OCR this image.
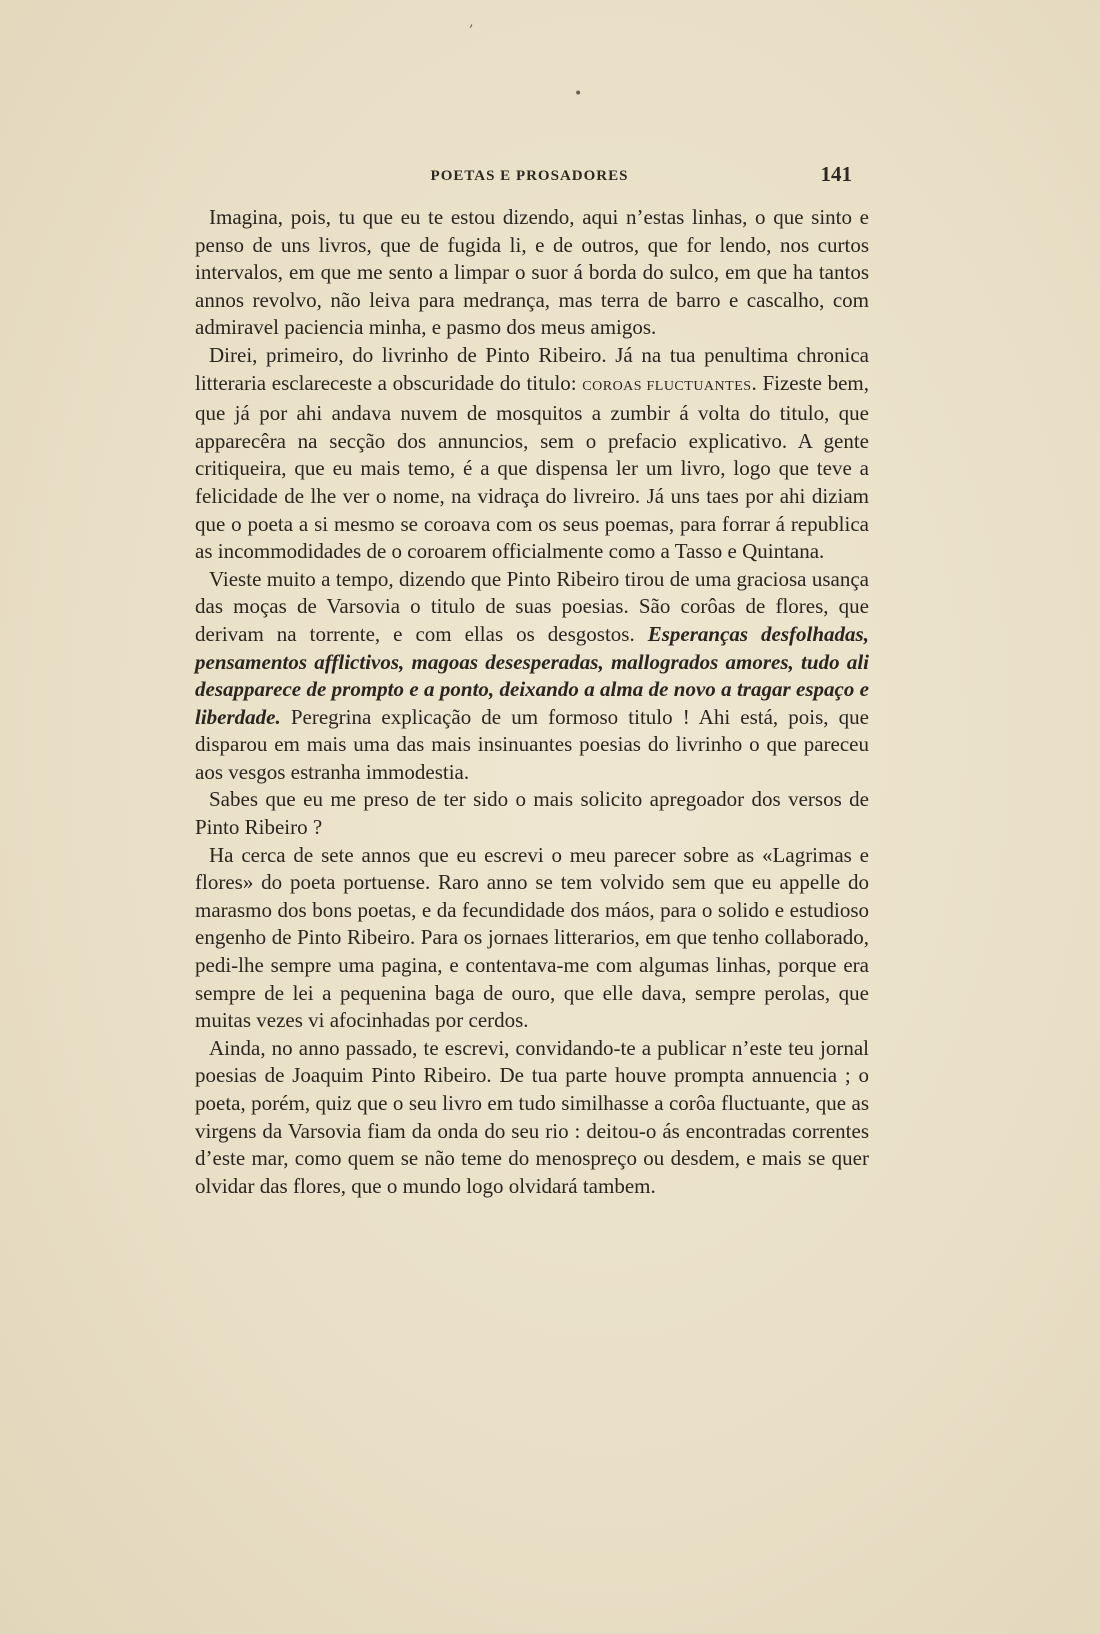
•
‚
POETAS E PROSADORES	141

Imagina, pois, tu que eu te estou dizendo, aqui n’estas linhas, o que sinto e penso de uns livros, que de fugida li, e de outros, que for lendo, nos curtos intervalos, em que me sento a limpar o suor á borda do sulco, em que ha tantos annos revolvo, não leiva para medrança, mas terra de barro e cascalho, com admiravel paciencia minha, e pasmo dos meus amigos.

Direi, primeiro, do livrinho de Pinto Ribeiro. Já na tua penultima chronica litteraria esclareceste a obscuridade do titulo: COROAS FLUCTUANTES. Fizeste bem, que já por ahi andava nuvem de mosquitos a zumbir á volta do titulo, que apparecêra na secção dos annuncios, sem o prefacio explicativo. A gente critiqueira, que eu mais temo, é a que dispensa ler um livro, logo que teve a felicidade de lhe ver o nome, na vidraça do livreiro. Já uns taes por ahi diziam que o poeta a si mesmo se coroava com os seus poemas, para forrar á republica as incommodidades de o coroarem officialmente como a Tasso e Quintana.

Vieste muito a tempo, dizendo que Pinto Ribeiro tirou de uma graciosa usança das moças de Varsovia o titulo de suas poesias. São corôas de flores, que derivam na torrente, e com ellas os desgostos. Esperanças desfolhadas, pensamentos afflictivos, magoas desesperadas, mallogrados amores, tudo ali desapparece de prompto e a ponto, deixando a alma de novo a tragar espaço e liberdade. Peregrina explicação de um formoso titulo ! Ahi está, pois, que disparou em mais uma das mais insinuantes poesias do livrinho o que pareceu aos vesgos estranha immodestia.

Sabes que eu me preso de ter sido o mais solicito apregoador dos versos de Pinto Ribeiro ?

Ha cerca de sete annos que eu escrevi o meu parecer sobre as «Lagrimas e flores» do poeta portuense. Raro anno se tem volvido sem que eu appelle do marasmo dos bons poetas, e da fecundidade dos máos, para o solido e estudioso engenho de Pinto Ribeiro. Para os jornaes litterarios, em que tenho collaborado, pedi-lhe sempre uma pagina, e contentava-me com algumas linhas, porque era sempre de lei a pequenina baga de ouro, que elle dava, sempre perolas, que muitas vezes vi afocinhadas por cerdos.

Ainda, no anno passado, te escrevi, convidando-te a publicar n’este teu jornal poesias de Joaquim Pinto Ribeiro. De tua parte houve prompta annuencia ; o poeta, porém, quiz que o seu livro em tudo similhasse a corôa fluctuante, que as virgens da Varsovia fiam da onda do seu rio : deitou-o ás encontradas correntes d’este mar, como quem se não teme do menospreço ou desdem, e mais se quer olvidar das flores, que o mundo logo olvidará tambem.
